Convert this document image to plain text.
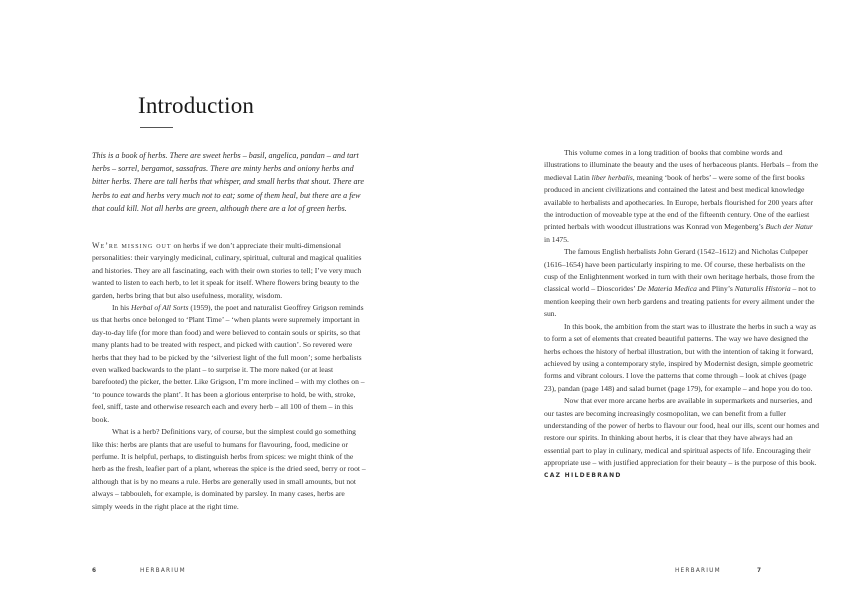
Introduction

This is a book of herbs. There are sweet herbs – basil, angelica, pandan – and tart herbs – sorrel, bergamot, sassafras. There are minty herbs and oniony herbs and bitter herbs. There are tall herbs that whisper, and small herbs that shout. There are herbs to eat and herbs very much not to eat; some of them heal, but there are a few that could kill. Not all herbs are green, although there are a lot of green herbs.

We’re missing out on herbs if we don’t appreciate their multi-dimensional personalities: their varyingly medicinal, culinary, spiritual, cultural and magical qualities and histories. They are all fascinating, each with their own stories to tell; I’ve very much wanted to listen to each herb, to let it speak for itself. Where flowers bring beauty to the garden, herbs bring that but also usefulness, morality, wisdom.

In his Herbal of All Sorts (1959), the poet and naturalist Geoffrey Grigson reminds us that herbs once belonged to ‘Plant Time’ – ‘when plants were supremely important in day-to-day life (for more than food) and were believed to contain souls or spirits, so that many plants had to be treated with respect, and picked with caution’. So revered were herbs that they had to be picked by the ‘silveriest light of the full moon’; some herbalists even walked backwards to the plant – to surprise it. The more naked (or at least barefooted) the picker, the better. Like Grigson, I’m more inclined – with my clothes on – ‘to pounce towards the plant’. It has been a glorious enterprise to hold, be with, stroke, feel, sniff, taste and otherwise research each and every herb – all 100 of them – in this book.

What is a herb? Definitions vary, of course, but the simplest could go something like this: herbs are plants that are useful to humans for flavouring, food, medicine or perfume. It is helpful, perhaps, to distinguish herbs from spices: we might think of the herb as the fresh, leafier part of a plant, whereas the spice is the dried seed, berry or root – although that is by no means a rule. Herbs are generally used in small amounts, but not always – tabbouleh, for example, is dominated by parsley. In many cases, herbs are simply weeds in the right place at the right time.

6	HERBARIUM

This volume comes in a long tradition of books that combine words and illustrations to illuminate the beauty and the uses of herbaceous plants. Herbals – from the medieval Latin liber herbalis, meaning ‘book of herbs’ – were some of the first books produced in ancient civilizations and contained the latest and best medical knowledge available to herbalists and apothecaries. In Europe, herbals flourished for 200 years after the introduction of moveable type at the end of the fifteenth century. One of the earliest printed herbals with woodcut illustrations was Konrad von Megenberg’s Buch der Natur in 1475.

The famous English herbalists John Gerard (1542–1612) and Nicholas Culpeper (1616–1654) have been particularly inspiring to me. Of course, these herbalists on the cusp of the Enlightenment worked in turn with their own heritage herbals, those from the classical world – Dioscorides’ De Materia Medica and Pliny’s Naturalis Historia – not to mention keeping their own herb gardens and treating patients for every ailment under the sun.

In this book, the ambition from the start was to illustrate the herbs in such a way as to form a set of elements that created beautiful patterns. The way we have designed the herbs echoes the history of herbal illustration, but with the intention of taking it forward, achieved by using a contemporary style, inspired by Modernist design, simple geometric forms and vibrant colours. I love the patterns that come through – look at chives (page 23), pandan (page 148) and salad burnet (page 179), for example – and hope you do too.

Now that ever more arcane herbs are available in supermarkets and nurseries, and our tastes are becoming increasingly cosmopolitan, we can benefit from a fuller understanding of the power of herbs to flavour our food, heal our ills, scent our homes and restore our spirits. In thinking about herbs, it is clear that they have always had an essential part to play in culinary, medical and spiritual aspects of life. Encouraging their appropriate use – with justified appreciation for their beauty – is the purpose of this book.

CAZ HILDEBRAND
HERBARIUM	7
